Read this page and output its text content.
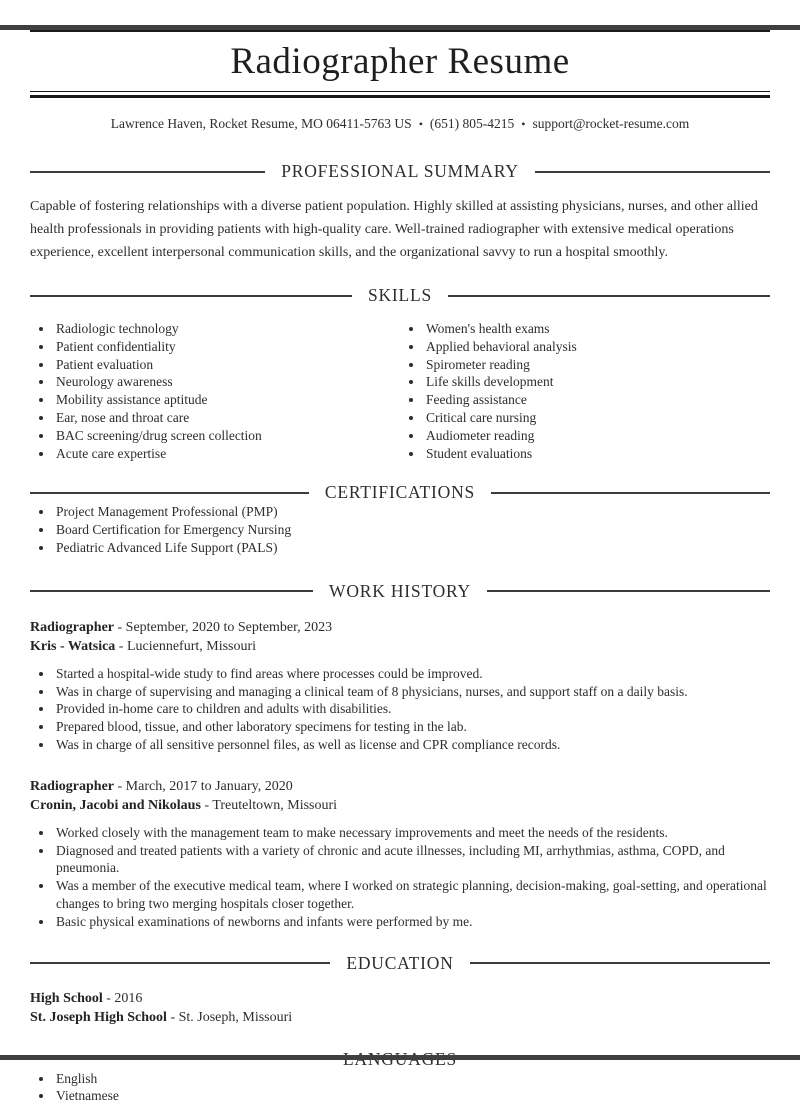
Radiographer Resume
Lawrence Haven, Rocket Resume, MO 06411-5763 US • (651) 805-4215 • support@rocket-resume.com
PROFESSIONAL SUMMARY

Capable of fostering relationships with a diverse patient population. Highly skilled at assisting physicians, nurses, and other allied health professionals in providing patients with high-quality care. Well-trained radiographer with extensive medical operations experience, excellent interpersonal communication skills, and the organizational savvy to run a hospital smoothly.

SKILLS
• Radiologic technology
• Patient confidentiality
• Patient evaluation
• Neurology awareness
• Mobility assistance aptitude
• Ear, nose and throat care
• BAC screening/drug screen collection
• Acute care expertise
• Women's health exams
• Applied behavioral analysis
• Spirometer reading
• Life skills development
• Feeding assistance
• Critical care nursing
• Audiometer reading
• Student evaluations
CERTIFICATIONS
• Project Management Professional (PMP)
• Board Certification for Emergency Nursing
• Pediatric Advanced Life Support (PALS)
WORK HISTORY

Radiographer - September, 2020 to September, 2023

Kris - Watsica - Luciennefurt, Missouri

• Started a hospital-wide study to find areas where processes could be improved.
• Was in charge of supervising and managing a clinical team of 8 physicians, nurses, and support staff on a daily basis.
• Provided in-home care to children and adults with disabilities.
• Prepared blood, tissue, and other laboratory specimens for testing in the lab.
• Was in charge of all sensitive personnel files, as well as license and CPR compliance records.

Radiographer - March, 2017 to January, 2020

Cronin, Jacobi and Nikolaus - Treuteltown, Missouri

• Worked closely with the management team to make necessary improvements and meet the needs of the residents.
• Diagnosed and treated patients with a variety of chronic and acute illnesses, including MI, arrhythmias, asthma, COPD, and pneumonia.
• Was a member of the executive medical team, where I worked on strategic planning, decision-making, goal-setting, and operational changes to bring two merging hospitals closer together.
• Basic physical examinations of newborns and infants were performed by me.
EDUCATION

High School - 2016

St. Joseph High School - St. Joseph, Missouri

• English
• Vietnamese
